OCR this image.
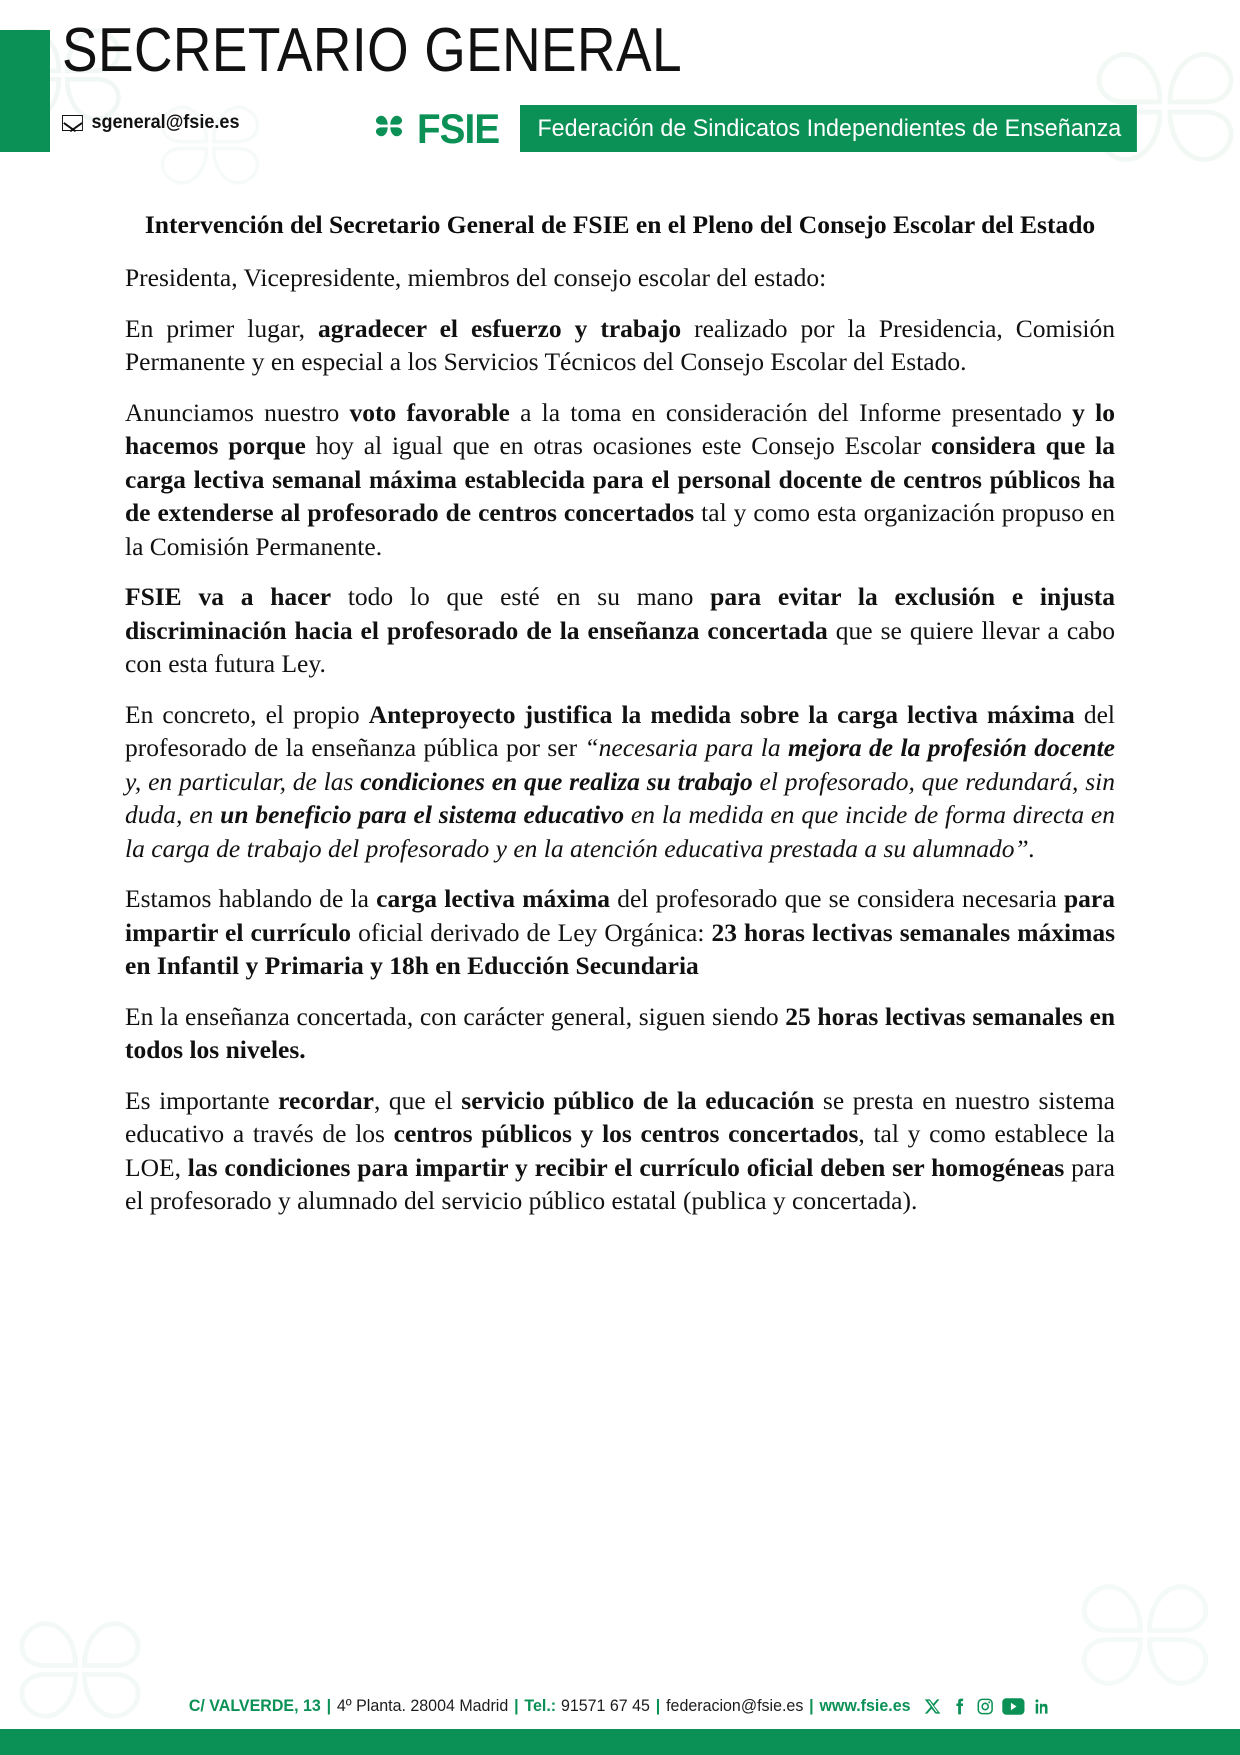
SECRETARIO GENERAL
sgeneral@fsie.es	FSIE	Federación de Sindicatos Independientes de Enseñanza
Intervención del Secretario General de FSIE en el Pleno del Consejo Escolar del Estado

Presidenta, Vicepresidente, miembros del consejo escolar del estado:

En primer lugar, agradecer el esfuerzo y trabajo realizado por la Presidencia, Comisión Permanente y en especial a los Servicios Técnicos del Consejo Escolar del Estado.

Anunciamos nuestro voto favorable a la toma en consideración del Informe presentado y lo hacemos porque hoy al igual que en otras ocasiones este Consejo Escolar considera que la carga lectiva semanal máxima establecida para el personal docente de centros públicos ha de extenderse al profesorado de centros concertados tal y como esta organización propuso en la Comisión Permanente.

FSIE va a hacer todo lo que esté en su mano para evitar la exclusión e injusta discriminación hacia el profesorado de la enseñanza concertada que se quiere llevar a cabo con esta futura Ley.

En concreto, el propio Anteproyecto justifica la medida sobre la carga lectiva máxima del profesorado de la enseñanza pública por ser “necesaria para la mejora de la profesión docente y, en particular, de las condiciones en que realiza su trabajo el profesorado, que redundará, sin duda, en un beneficio para el sistema educativo en la medida en que incide de forma directa en la carga de trabajo del profesorado y en la atención educativa prestada a su alumnado”.

Estamos hablando de la carga lectiva máxima del profesorado que se considera necesaria para impartir el currículo oficial derivado de Ley Orgánica: 23 horas lectivas semanales máximas en Infantil y Primaria y 18h en Educción Secundaria

En la enseñanza concertada, con carácter general, siguen siendo 25 horas lectivas semanales en todos los niveles.

Es importante recordar, que el servicio público de la educación se presta en nuestro sistema educativo a través de los centros públicos y los centros concertados, tal y como establece la LOE, las condiciones para impartir y recibir el currículo oficial deben ser homogéneas para el profesorado y alumnado del servicio público estatal (publica y concertada).

C/ VALVERDE, 13 | 4º Planta. 28004 Madrid | Tel.: 91571 67 45 | federacion@fsie.es | www.fsie.es
